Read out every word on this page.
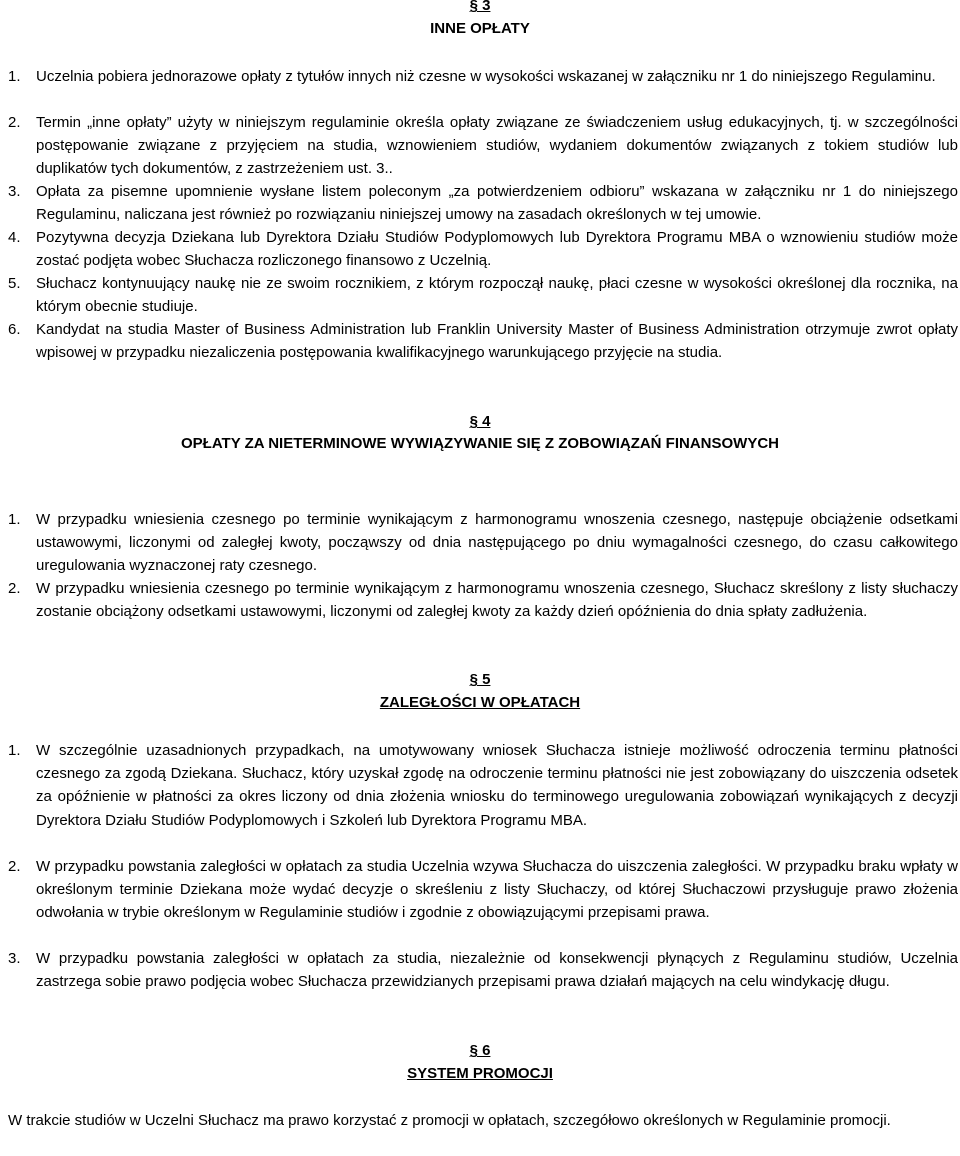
§ 3
INNE OPŁATY
1. Uczelnia pobiera jednorazowe opłaty z tytułów innych niż czesne w wysokości wskazanej w załączniku nr 1 do niniejszego Regulaminu.
2. Termin „inne opłaty” użyty w niniejszym regulaminie określa opłaty związane ze świadczeniem usług edukacyjnych, tj. w szczególności postępowanie związane z przyjęciem na studia, wznowieniem studiów, wydaniem dokumentów związanych z tokiem studiów lub duplikatów tych dokumentów, z zastrzeżeniem ust. 3..
3. Opłata za pisemne upomnienie wysłane listem poleconym „za potwierdzeniem odbioru” wskazana w załączniku nr 1 do niniejszego Regulaminu, naliczana jest również po rozwiązaniu niniejszej umowy na zasadach określonych w tej umowie.
4. Pozytywna decyzja Dziekana lub Dyrektora Działu Studiów Podyplomowych lub Dyrektora Programu MBA o wznowieniu studiów może zostać podjęta wobec Słuchacza rozliczonego finansowo z Uczelnią.
5. Słuchacz kontynuujący naukę nie ze swoim rocznikiem, z którym rozpoczął naukę, płaci czesne w wysokości określonej dla rocznika, na którym obecnie studiuje.
6. Kandydat na studia Master of Business Administration lub Franklin University Master of Business Administration otrzymuje zwrot opłaty wpisowej w przypadku niezaliczenia postępowania kwalifikacyjnego warunkującego przyjęcie na studia.
§ 4
OPŁATY ZA NIETERMINOWE WYWIĄZYWANIE SIĘ Z ZOBOWIĄZAŃ FINANSOWYCH
1. W przypadku wniesienia czesnego po terminie wynikającym z harmonogramu wnoszenia czesnego, następuje obciążenie odsetkami ustawowymi, liczonymi od zaległej kwoty, począwszy od dnia następującego po dniu wymagalności czesnego, do czasu całkowitego uregulowania wyznaczonej raty czesnego.
2. W przypadku wniesienia czesnego po terminie wynikającym z harmonogramu wnoszenia czesnego, Słuchacz skreślony z listy słuchaczy zostanie obciążony odsetkami ustawowymi, liczonymi od zaległej kwoty za każdy dzień opóźnienia do dnia spłaty zadłużenia.
§ 5
ZALEGŁOŚCI W OPŁATACH
1. W szczególnie uzasadnionych przypadkach, na umotywowany wniosek Słuchacza istnieje możliwość odroczenia terminu płatności czesnego za zgodą Dziekana. Słuchacz, który uzyskał zgodę na odroczenie terminu płatności nie jest zobowiązany do uiszczenia odsetek za opóźnienie w płatności za okres liczony od dnia złożenia wniosku do terminowego uregulowania zobowiązań wynikających z decyzji Dyrektora Działu Studiów Podyplomowych i Szkoleń lub Dyrektora Programu MBA.
2. W przypadku powstania zaległości w opłatach za studia Uczelnia wzywa Słuchacza do uiszczenia zaległości. W przypadku braku wpłaty w określonym terminie Dziekana może wydać decyzje o skreśleniu z listy Słuchaczy, od której Słuchaczowi przysługuje prawo złożenia odwołania w trybie określonym w Regulaminie studiów i zgodnie z obowiązującymi przepisami prawa.
3. W przypadku powstania zaległości w opłatach za studia, niezależnie od konsekwencji płynących z Regulaminu studiów, Uczelnia zastrzega sobie prawo podjęcia wobec Słuchacza przewidzianych przepisami prawa działań mających na celu windykację długu.
§ 6
SYSTEM PROMOCJI
W trakcie studiów w Uczelni Słuchacz ma prawo korzystać z promocji w opłatach, szczegółowo określonych w Regulaminie promocji.
